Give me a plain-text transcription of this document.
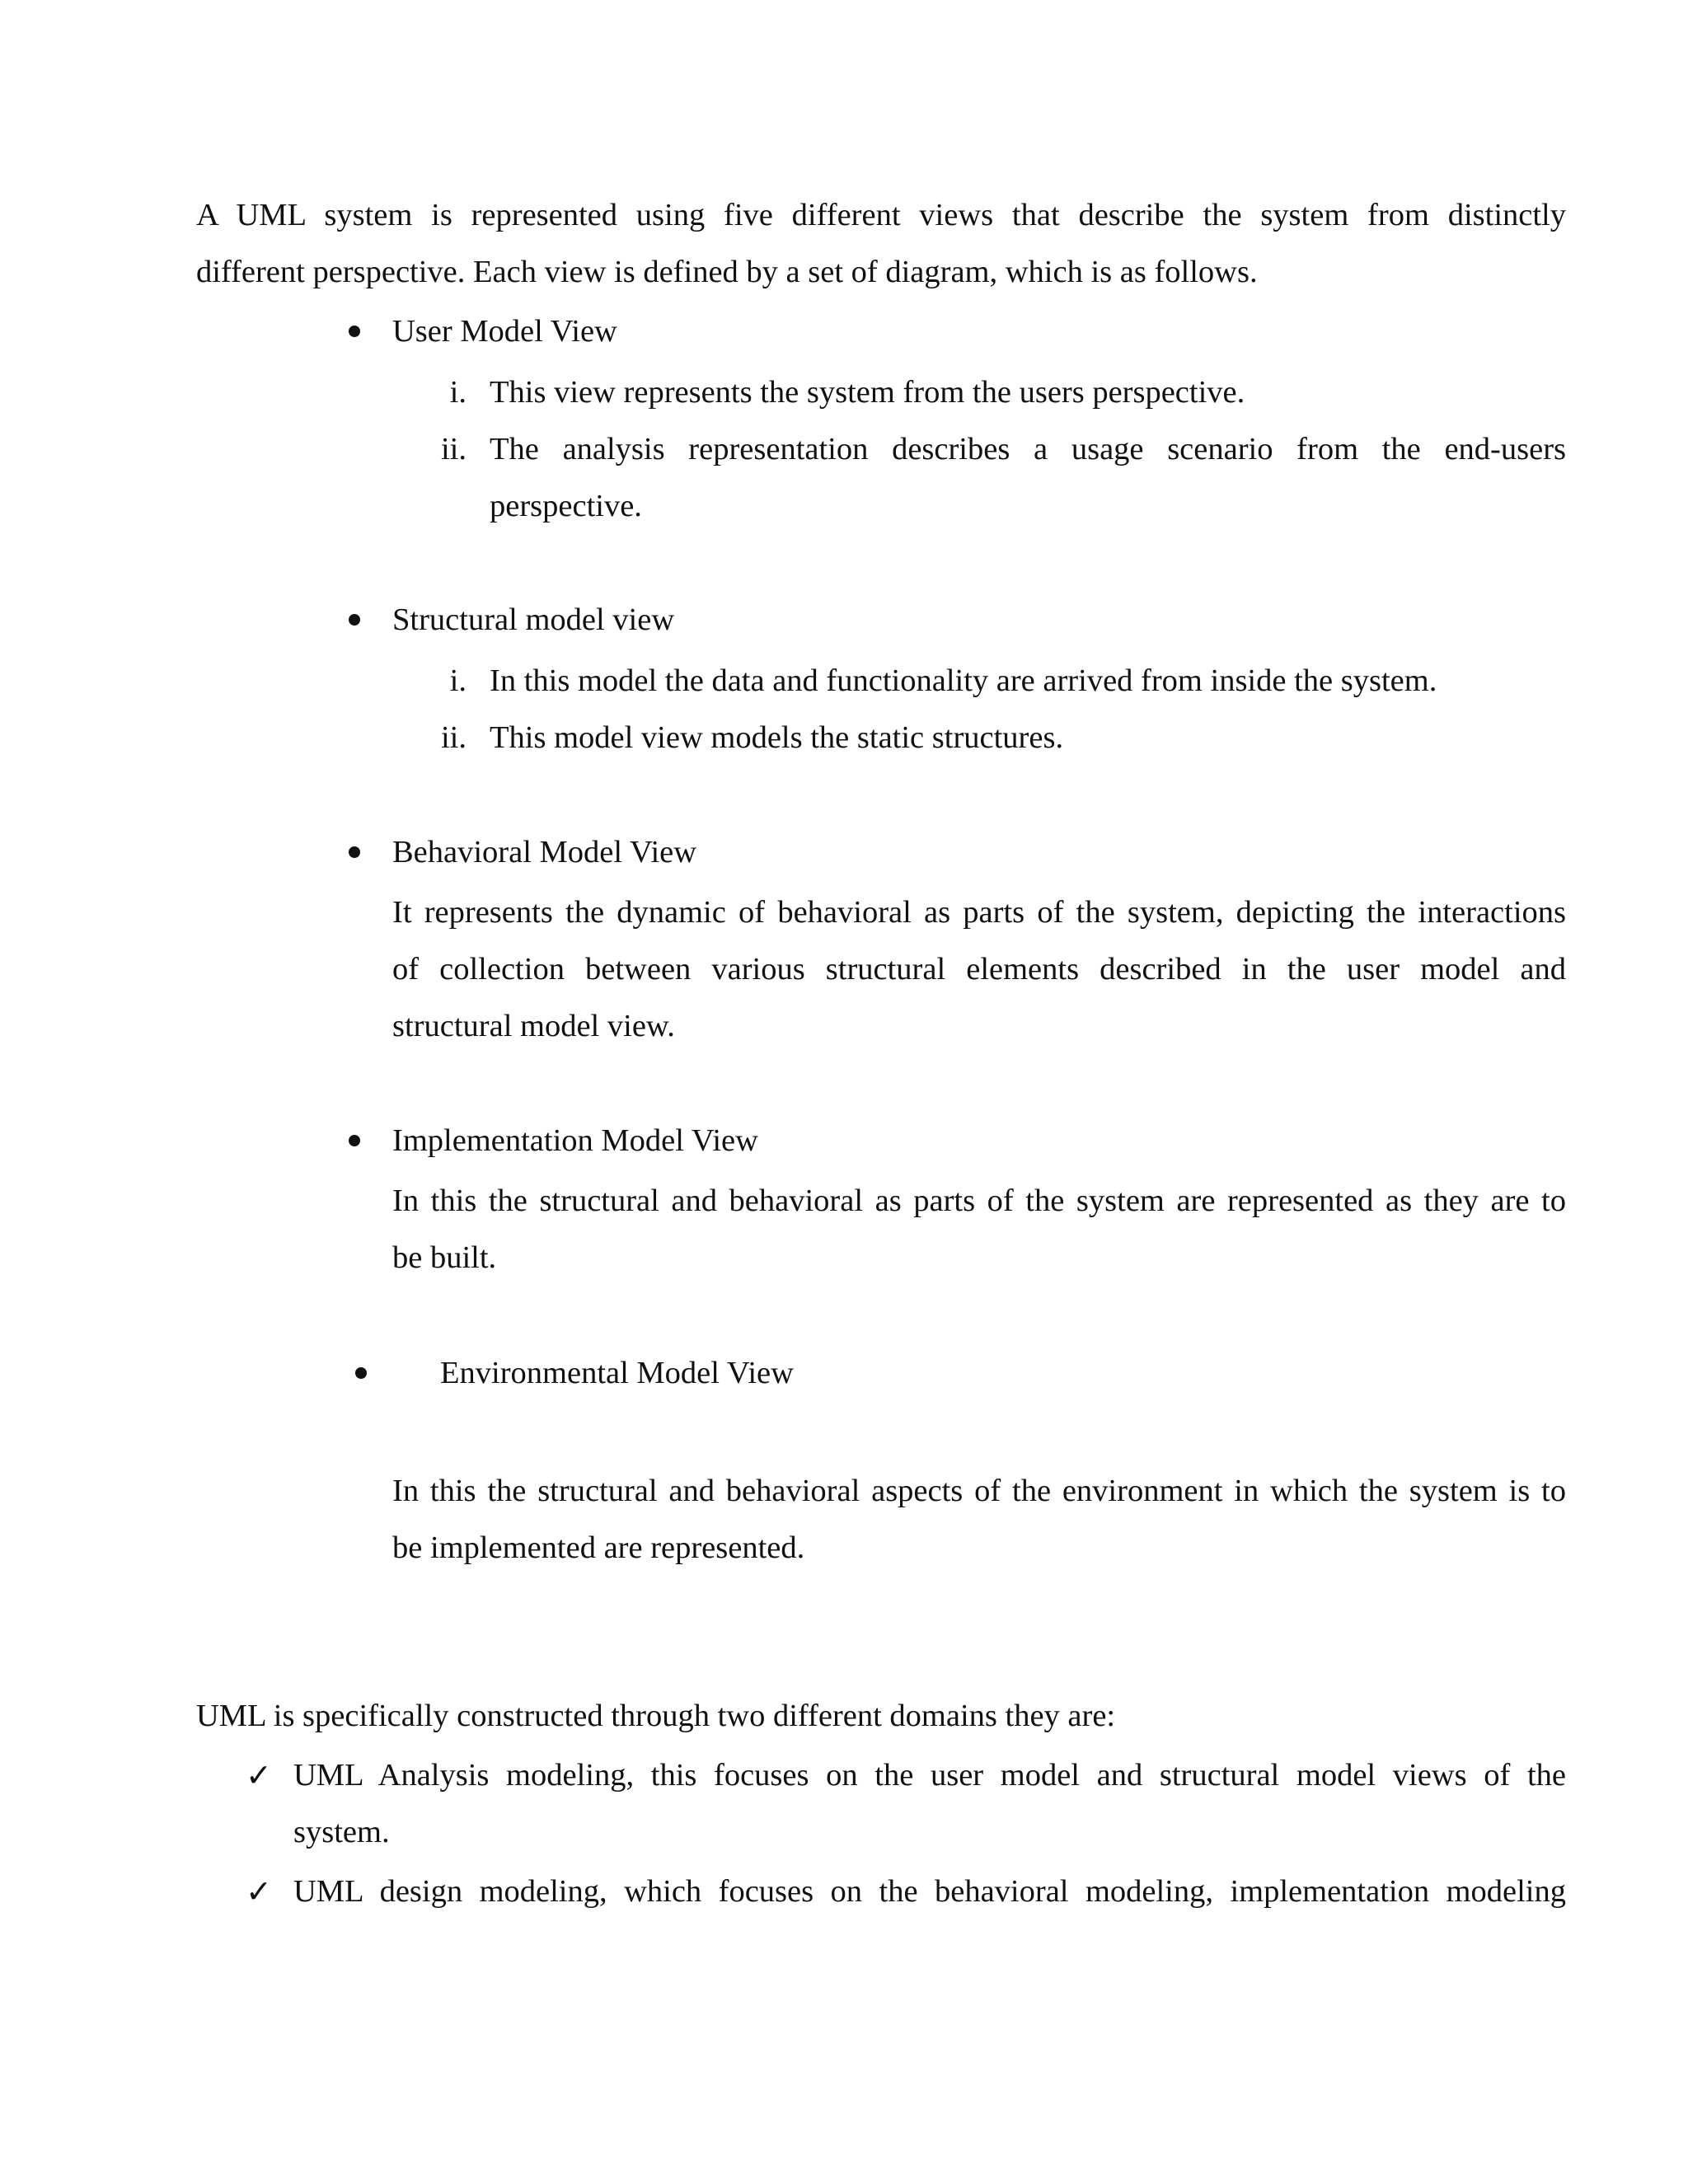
A UML system is represented using five different views that describe the system from distinctly
different perspective. Each view is defined by a set of diagram, which is as follows.
User Model View
i. This view represents the system from the users perspective.
ii. The analysis representation describes a usage scenario from the end-users
perspective.
Structural model view
i. In this model the data and functionality are arrived from inside the system.
ii. This model view models the static structures.
Behavioral Model View
It represents the dynamic of behavioral as parts of the system, depicting the interactions
of collection between various structural elements described in the user model and
structural model view.
Implementation Model View
In this the structural and behavioral as parts of the system are represented as they are to
be built.
Environmental Model View
In this the structural and behavioral aspects of the environment in which the system is to
be implemented are represented.
UML is specifically constructed through two different domains they are:
✓ UML Analysis modeling, this focuses on the user model and structural model views of the
system.
✓ UML design modeling, which focuses on the behavioral modeling, implementation modeling
